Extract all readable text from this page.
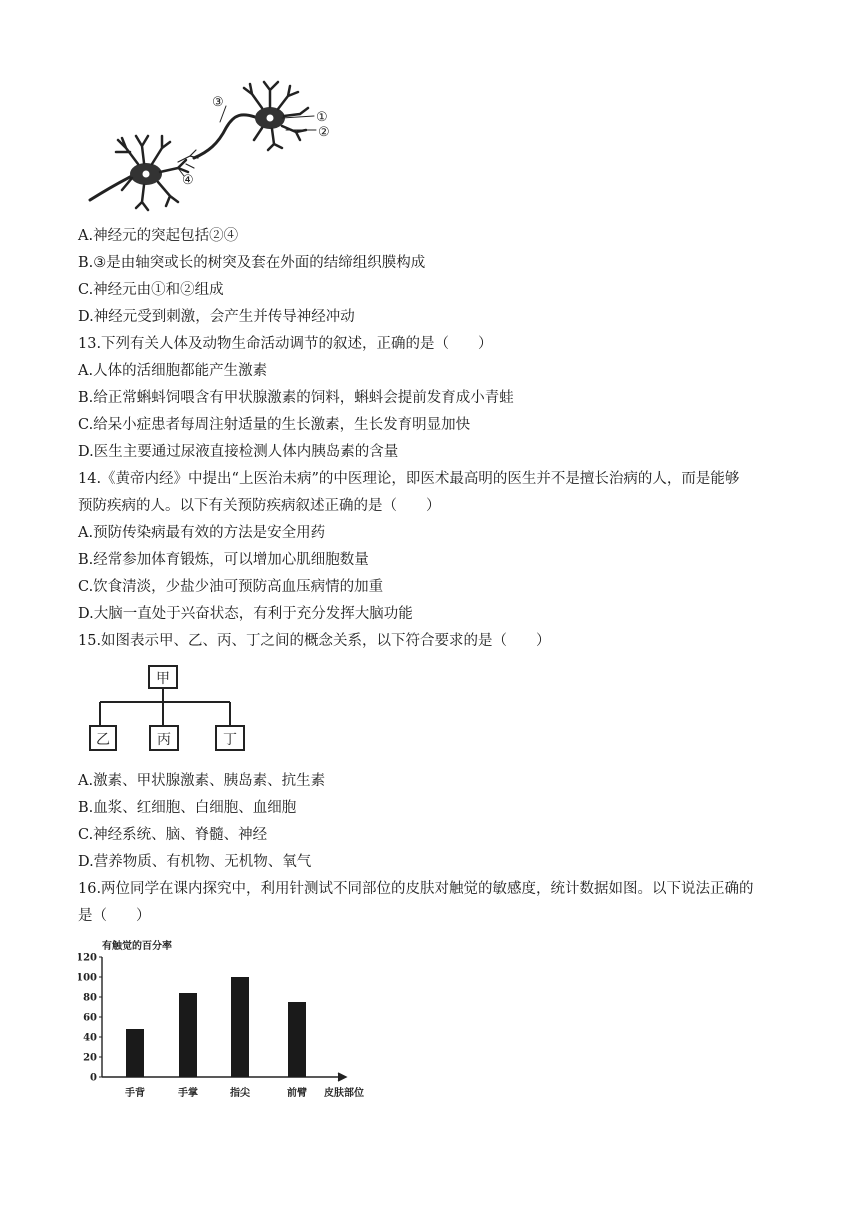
③
①
②
④
A.神经元的突起包括②④
B.③是由轴突或长的树突及套在外面的结缔组织膜构成
C.神经元由①和②组成
D.神经元受到刺激，会产生并传导神经冲动
13.下列有关人体及动物生命活动调节的叙述，正确的是（　　）
A.人体的活细胞都能产生激素
B.给正常蝌蚪饲喂含有甲状腺激素的饲料，蝌蚪会提前发育成小青蛙
C.给呆小症患者每周注射适量的生长激素，生长发育明显加快
D.医生主要通过尿液直接检测人体内胰岛素的含量
14.《黄帝内经》中提出“上医治未病”的中医理论，即医术最高明的医生并不是擅长治病的人，而是能够
预防疾病的人。以下有关预防疾病叙述正确的是（　　）
A.预防传染病最有效的方法是安全用药
B.经常参加体育锻炼，可以增加心肌细胞数量
C.饮食清淡，少盐少油可预防高血压病情的加重
D.大脑一直处于兴奋状态，有利于充分发挥大脑功能
15.如图表示甲、乙、丙、丁之间的概念关系，以下符合要求的是（　　）
甲
乙	丙	丁
A.激素、甲状腺激素、胰岛素、抗生素
B.血浆、红细胞、白细胞、血细胞
C.神经系统、脑、脊髓、神经
D.营养物质、有机物、无机物、氧气
16.两位同学在课内探究中，利用针测试不同部位的皮肤对触觉的敏感度，统计数据如图。以下说法正确的
是（　　）
有触觉的百分率
0
20
40
60
80
100
120
手背	手掌	指尖	前臂 皮肤部位
